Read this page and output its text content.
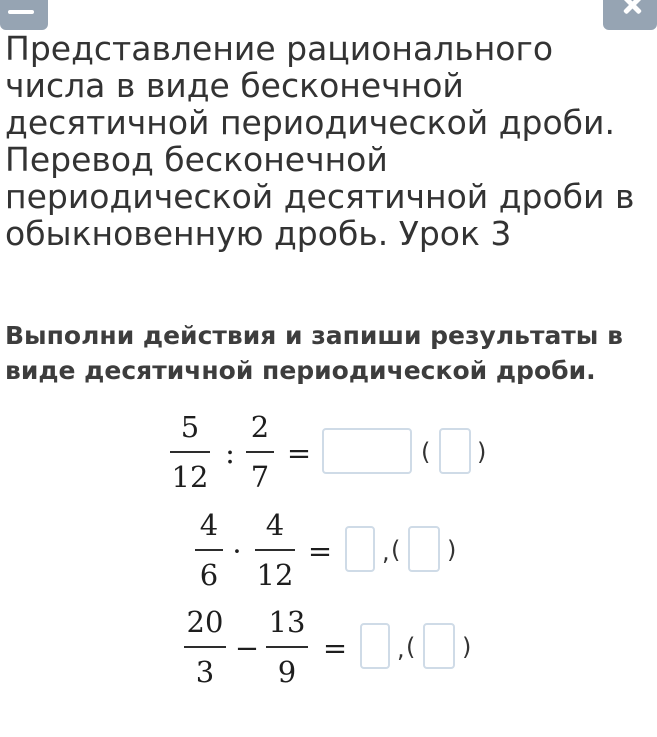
Представление рационального числа в виде бесконечной десятичной периодической дроби. Перевод бесконечной периодической десятичной дроби в обыкновенную дробь. Урок 3

Выполни действия и запиши результаты в виде десятичной периодической дроби.

5
12
:
2
7
=	( )
4
6
·
4
12
= , ( )
20
3
−
13
9
= , ( )
